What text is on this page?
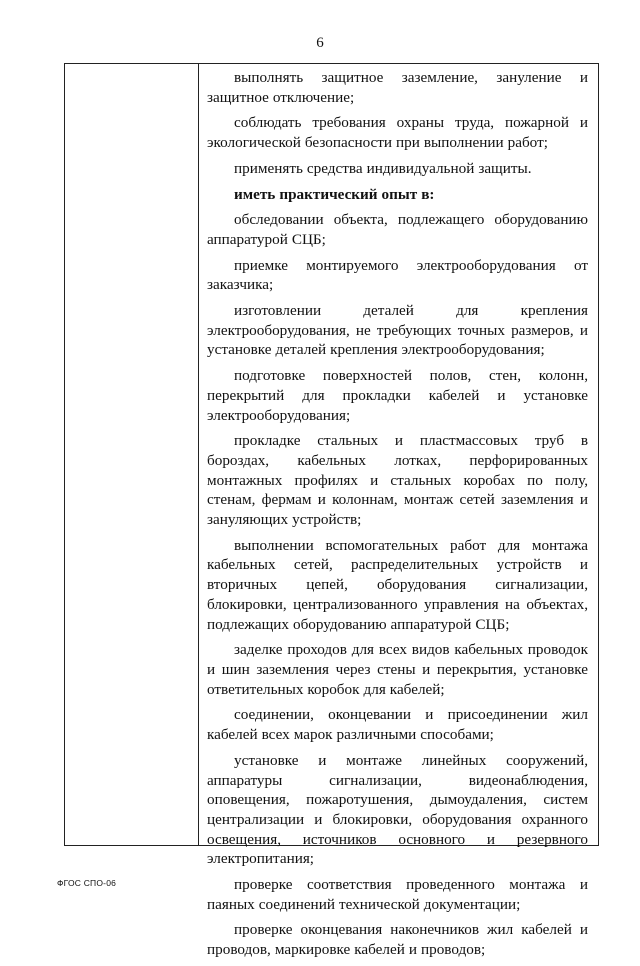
6

выполнять защитное заземление, зануление и защитное отключение;

соблюдать требования охраны труда, пожарной и экологической безопасности при выполнении работ;

применять средства индивидуальной защиты.

иметь практический опыт в:

обследовании объекта, подлежащего оборудованию аппаратурой СЦБ;

приемке монтируемого электрооборудования от заказчика;

изготовлении деталей для крепления электрооборудования, не требующих точных размеров, и установке деталей крепления электрооборудования;

подготовке поверхностей полов, стен, колонн, перекрытий для прокладки кабелей и установке электрооборудования;

прокладке стальных и пластмассовых труб в бороздах, кабельных лотках, перфорированных монтажных профилях и стальных коробах по полу, стенам, фермам и колоннам, монтаж сетей заземления и зануляющих устройств;

выполнении вспомогательных работ для монтажа кабельных сетей, распределительных устройств и вторичных цепей, оборудования сигнализации, блокировки, централизованного управления на объектах, подлежащих оборудованию аппаратурой СЦБ;

заделке проходов для всех видов кабельных проводок и шин заземления через стены и перекрытия, установке ответительных коробок для кабелей;

соединении, оконцевании и присоединении жил кабелей всех марок различными способами;

установке и монтаже линейных сооружений, аппаратуры сигнализации, видеонаблюдения, оповещения, пожаротушения, дымоудаления, систем централизации и блокировки, оборудования охранного освещения, источников основного и резервного электропитания;

проверке соответствия проведенного монтажа и паяных соединений технической документации;

проверке оконцевания наконечников жил кабелей и проводов, маркировке кабелей и проводов;

ФГОС СПО-06
